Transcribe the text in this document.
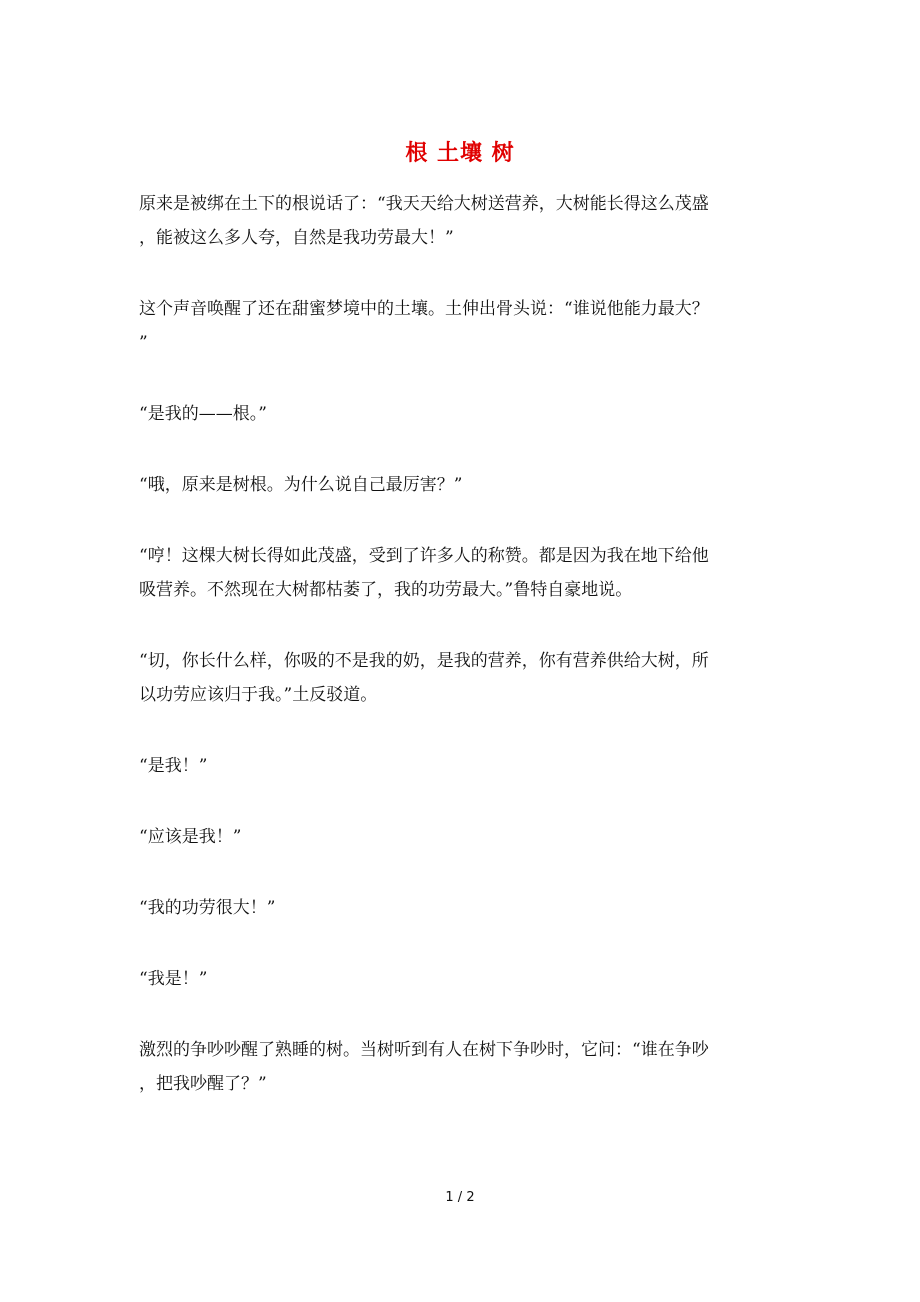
根 土壤 树

原来是被绑在土下的根说话了：“我天天给大树送营养，大树能长得这么茂盛
，能被这么多人夸，自然是我功劳最大！”

这个声音唤醒了还在甜蜜梦境中的土壤。土伸出骨头说：“谁说他能力最大？
”

“是我的——根。”

“哦，原来是树根。为什么说自己最厉害？”

“哼！这棵大树长得如此茂盛，受到了许多人的称赞。都是因为我在地下给他
吸营养。不然现在大树都枯萎了，我的功劳最大。”鲁特自豪地说。

“切，你长什么样，你吸的不是我的奶，是我的营养，你有营养供给大树，所
以功劳应该归于我。”土反驳道。

“是我！”

“应该是我！”

“我的功劳很大！”

“我是！”

激烈的争吵吵醒了熟睡的树。当树听到有人在树下争吵时，它问：“谁在争吵
，把我吵醒了？”

1 / 2
